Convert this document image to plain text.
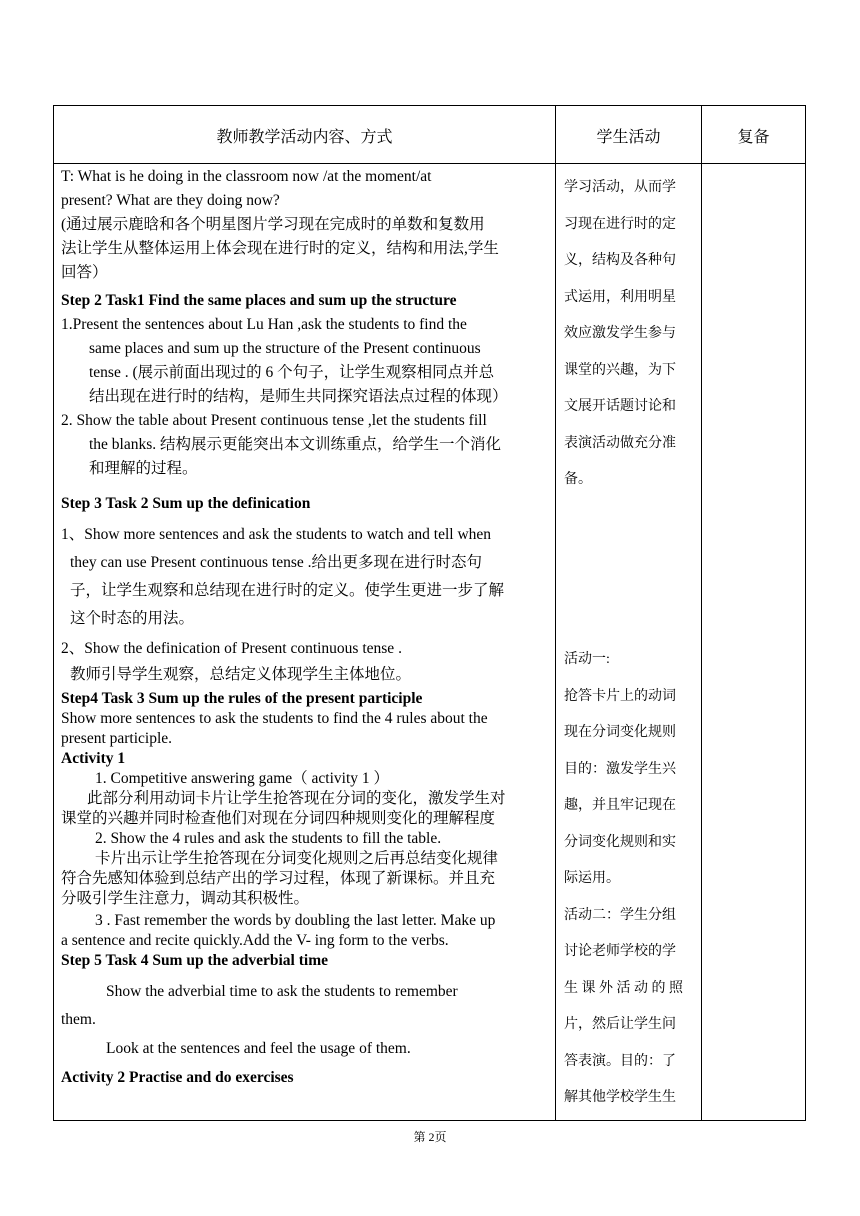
教师教学活动内容、方式	学生活动	复备

T: What is he doing in the classroom now /at the moment/at

present? What are they doing now?

(通过展示鹿晗和各个明星图片学习现在完成时的单数和复数用

法让学生从整体运用上体会现在进行时的定义，结构和用法,学生

回答）

Step 2 Task1 Find the same places and sum up the structure

1.Present the sentences about Lu Han ,ask the students to find the

same places and sum up the structure of the Present continuous

tense . (展示前面出现过的 6 个句子，让学生观察相同点并总

结出现在进行时的结构，是师生共同探究语法点过程的体现）

2. Show the table about Present continuous tense ,let the students fill

the blanks. 结构展示更能突出本文训练重点，给学生一个消化

和理解的过程。

Step 3 Task 2 Sum up the definication

1、Show more sentences and ask the students to watch and tell when

they can use Present continuous tense .给出更多现在进行时态句

子，让学生观察和总结现在进行时的定义。使学生更进一步了解

这个时态的用法。

2、Show the definication of Present continuous tense .

教师引导学生观察，总结定义体现学生主体地位。

Step4 Task 3 Sum up the rules of the present participle

Show more sentences to ask the students to find the 4 rules about the

present participle.

Activity 1

1. Competitive answering game（ activity 1 ）

此部分利用动词卡片让学生抢答现在分词的变化，激发学生对

课堂的兴趣并同时检查他们对现在分词四种规则变化的理解程度

2. Show the 4 rules and ask the students to fill the table.

卡片出示让学生抢答现在分词变化规则之后再总结变化规律

符合先感知体验到总结产出的学习过程，体现了新课标。并且充

分吸引学生注意力，调动其积极性。

3 . Fast remember the words by doubling the last letter. Make up

a sentence and recite quickly.Add the V- ing form to the verbs.

Step 5 Task 4 Sum up the adverbial time

Show the adverbial time to ask the students to remember

them.

Look at the sentences and feel the usage of them.

Activity 2 Practise and do exercises

学习活动，从而学

习现在进行时的定

义，结构及各种句

式运用，利用明星

效应激发学生参与

课堂的兴趣，为下

文展开话题讨论和

表演活动做充分准

备。

活动一:

抢答卡片上的动词

现在分词变化规则

目的：激发学生兴

趣，并且牢记现在

分词变化规则和实

际运用。

活动二：学生分组

讨论老师学校的学

生课外活动的照

片，然后让学生问

答表演。目的：了

解其他学校学生生

第 2页
